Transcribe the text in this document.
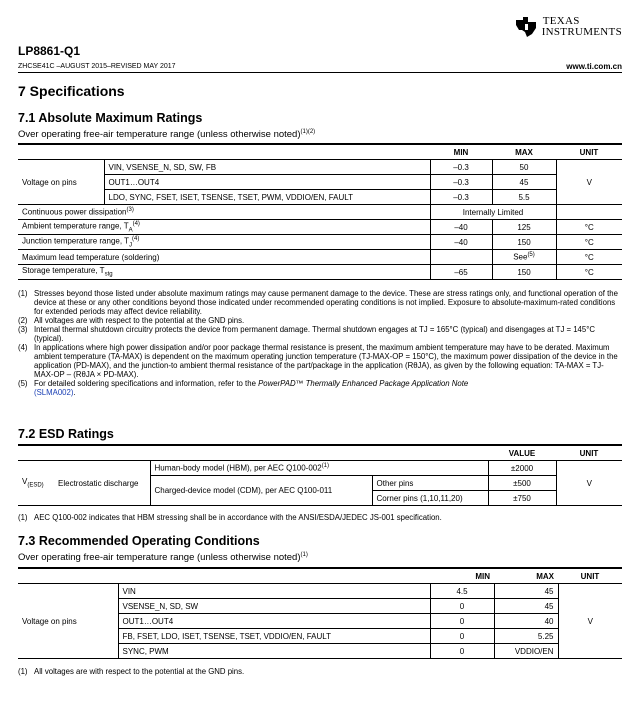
TEXAS
INSTRUMENTS
LP8861-Q1
ZHCSE41C –AUGUST 2015–REVISED MAY 2017	www.ti.com.cn
7 Specifications
7.1 Absolute Maximum Ratings
Over operating free-air temperature range (unless otherwise noted)$^{(1)(2)}$
		MIN	MAX	UNIT
Voltage on pins	VIN, VSENSE_N, SD, SW, FB	–0.3	50	V
	OUT1…OUT4	–0.3	45	
	LDO, SYNC, FSET, ISET, TSENSE, TSET, PWM, VDDIO/EN, FAULT	–0.3	5.5	
Continuous power dissipation$^{(3)}$		Internally Limited		
Ambient temperature range, $T_A^{(4)}$		–40	125	°C
Junction temperature range, $T_J^{(4)}$		–40	150	°C
Maximum lead temperature (soldering)			See$^{(5)}$	°C
Storage temperature, $T_{stg}$		–65	150	°C
(1) Stresses beyond those listed under absolute maximum ratings may cause permanent damage to the device. These are stress ratings only, and functional operation of the device at these or any other conditions beyond those indicated under recommended operating conditions is not implied. Exposure to absolute-maximum-rated conditions for extended periods may affect device reliability.
(2) All voltages are with respect to the potential at the GND pins.
(3) Internal thermal shutdown circuitry protects the device from permanent damage. Thermal shutdown engages at TJ = 165°C (typical) and disengages at TJ = 145°C (typical).
(4) In applications where high power dissipation and/or poor package thermal resistance is present, the maximum ambient temperature may have to be derated. Maximum ambient temperature (TA-MAX) is dependent on the maximum operating junction temperature (TJ-MAX-OP = 150°C), the maximum power dissipation of the device in the application (PD-MAX), and the junction-to ambient thermal resistance of the part/package in the application (RθJA), as given by the following equation: TA-MAX = TJ-MAX-OP – (RθJA × PD-MAX).
(5) For detailed soldering specifications and information, refer to the PowerPAD™ Thermally Enhanced Package Application Note
(SLMA002).
7.2 ESD Ratings
				VALUE	UNIT
$V_{(ESD)}$	Electrostatic discharge	Human-body model (HBM), per AEC Q100-002$^{(1)}$		±2000	V
		Charged-device model (CDM), per AEC Q100-011	Other pins	±500	
			Corner pins (1,10,11,20)	±750	
(1) AEC Q100-002 indicates that HBM stressing shall be in accordance with the ANSI/ESDA/JEDEC JS-001 specification.
7.3 Recommended Operating Conditions
Over operating free-air temperature range (unless otherwise noted)$^{(1)}$
		MIN	MAX	UNIT
Voltage on pins	VIN	4.5	45	V
	VSENSE_N, SD, SW	0	45	
	OUT1…OUT4	0	40	
	FB, FSET, LDO, ISET, TSENSE, TSET, VDDIO/EN, FAULT	0	5.25	
	SYNC, PWM	0	VDDIO/EN	
(1) All voltages are with respect to the potential at the GND pins.
